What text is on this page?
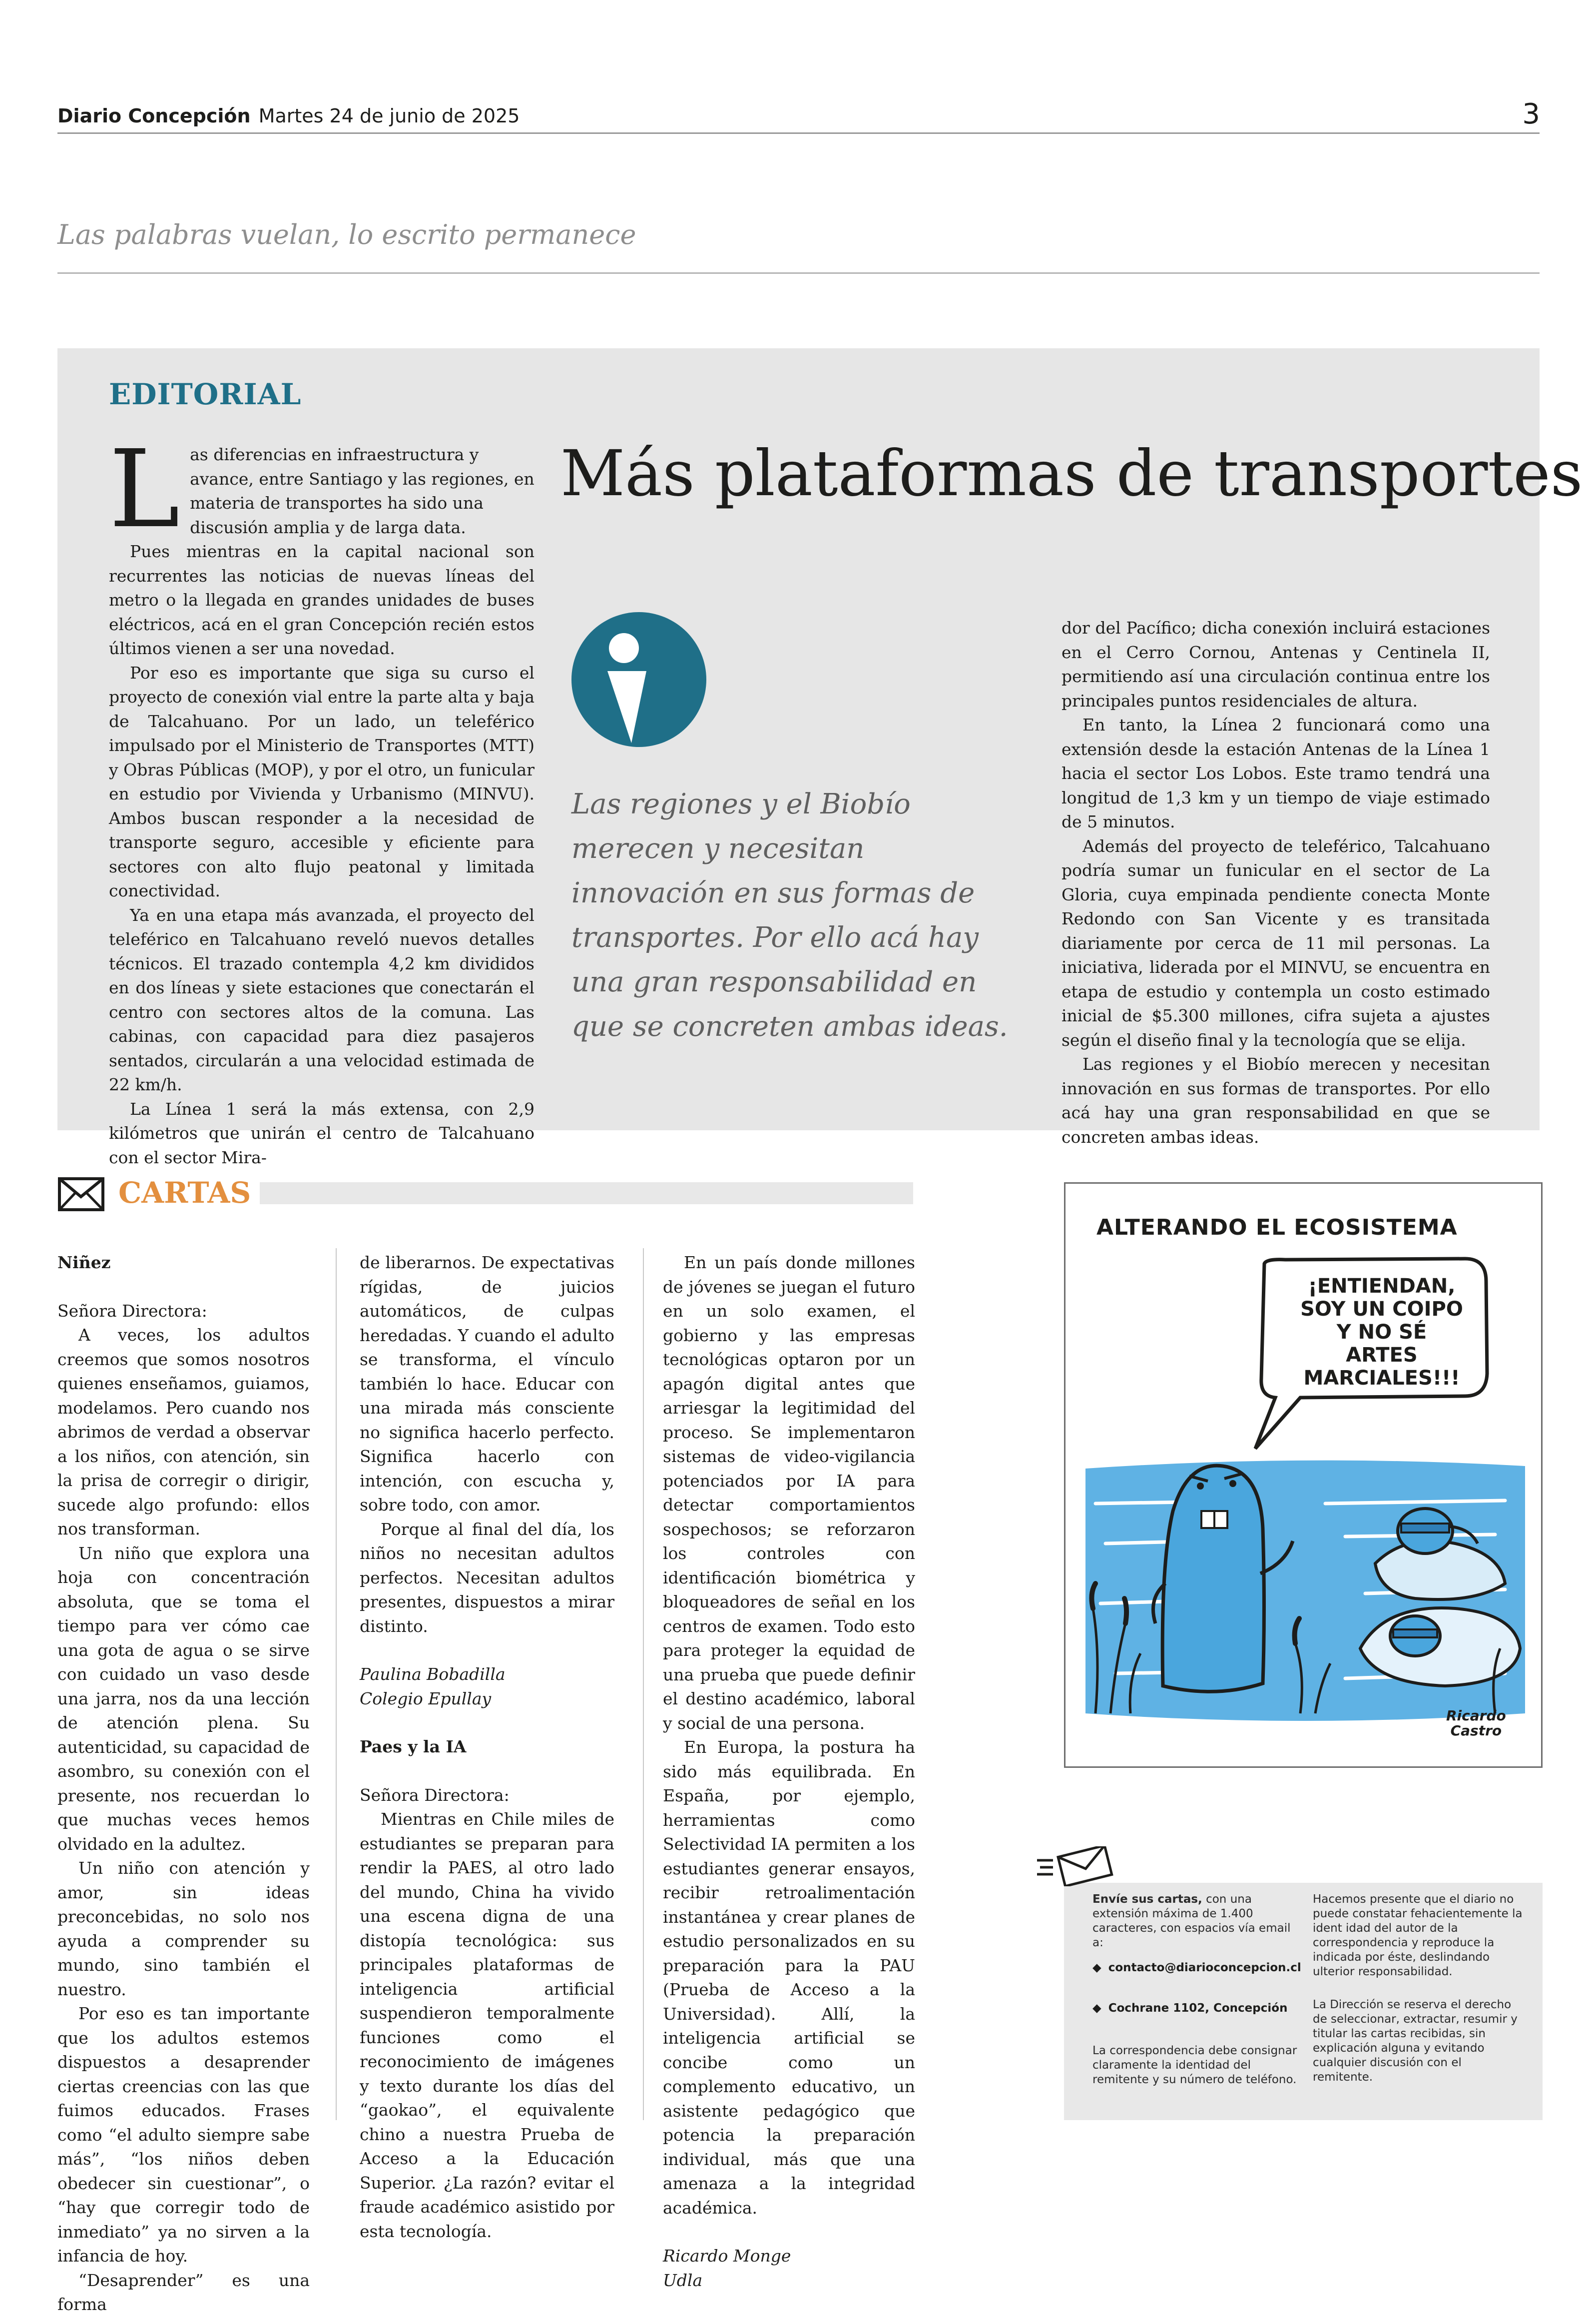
Diario Concepción Martes 24 de junio de 2025	3
Las palabras vuelan, lo escrito permanece
EDITORIAL
Más plataformas de transportes
L as diferencias en infraestructura y avance, entre Santiago y las regiones, en materia de transportes ha sido una discusión amplia y de larga data.

Pues mientras en la capital nacional son recurrentes las noticias de nuevas líneas del metro o la llegada en grandes unidades de buses eléctricos, acá en el gran Concepción recién estos últimos vienen a ser una novedad.

Por eso es importante que siga su curso el proyecto de conexión vial entre la parte alta y baja de Talcahuano. Por un lado, un teleférico impulsado por el Ministerio de Transportes (MTT) y Obras Públicas (MOP), y por el otro, un funicular en estudio por Vivienda y Urbanismo (MINVU). Ambos buscan responder a la necesidad de transporte seguro, accesible y eficiente para sectores con alto flujo peatonal y limitada conectividad.

Ya en una etapa más avanzada, el proyecto del teleférico en Talcahuano reveló nuevos detalles técnicos. El trazado contempla 4,2 km divididos en dos líneas y siete estaciones que conectarán el centro con sectores altos de la comuna. Las cabinas, con capacidad para diez pasajeros sentados, circularán a una velocidad estimada de 22 km/h.

La Línea 1 será la más extensa, con 2,9 kilómetros que unirán el centro de Talcahuano con el sector Mira-

Las regiones y el Biobío merecen y necesitan innovación en sus formas de transportes. Por ello acá hay una gran responsabilidad en que se concreten ambas ideas.

dor del Pacífico; dicha conexión incluirá estaciones en el Cerro Cornou, Antenas y Centinela II, permitiendo así una circulación continua entre los principales puntos residenciales de altura.

En tanto, la Línea 2 funcionará como una extensión desde la estación Antenas de la Línea 1 hacia el sector Los Lobos. Este tramo tendrá una longitud de 1,3 km y un tiempo de viaje estimado de 5 minutos.

Además del proyecto de teleférico, Talcahuano podría sumar un funicular en el sector de La Gloria, cuya empinada pendiente conecta Monte Redondo con San Vicente y es transitada diariamente por cerca de 11 mil personas. La iniciativa, liderada por el MINVU, se encuentra en etapa de estudio y contempla un costo estimado inicial de $5.300 millones, cifra sujeta a ajustes según el diseño final y la tecnología que se elija.

Las regiones y el Biobío merecen y necesitan innovación en sus formas de transportes. Por ello acá hay una gran responsabilidad en que se concreten ambas ideas.

CARTAS

Niñez

Señora Directora:

A veces, los adultos creemos que somos nosotros quienes enseñamos, guiamos, modelamos. Pero cuando nos abrimos de verdad a observar a los niños, con atención, sin la prisa de corregir o dirigir, sucede algo profundo: ellos nos transforman.

Un niño que explora una hoja con concentración absoluta, que se toma el tiempo para ver cómo cae una gota de agua o se sirve con cuidado un vaso desde una jarra, nos da una lección de atención plena. Su autenticidad, su capacidad de asombro, su conexión con el presente, nos recuerdan lo que muchas veces hemos olvidado en la adultez.

Un niño con atención y amor, sin ideas preconcebidas, no solo nos ayuda a comprender su mundo, sino también el nuestro.

Por eso es tan importante que los adultos estemos dispuestos a desaprender ciertas creencias con las que fuimos educados. Frases como “el adulto siempre sabe más”, “los niños deben obedecer sin cuestionar”, o “hay que corregir todo de inmediato” ya no sirven a la infancia de hoy.

“Desaprender” es una forma

de liberarnos. De expectativas rígidas, de juicios automáticos, de culpas heredadas. Y cuando el adulto se transforma, el vínculo también lo hace. Educar con una mirada más consciente no significa hacerlo perfecto. Significa hacerlo con intención, con escucha y, sobre todo, con amor.

Porque al final del día, los niños no necesitan adultos perfectos. Necesitan adultos presentes, dispuestos a mirar distinto.

Paulina Bobadilla

Colegio Epullay

Paes y la IA

Señora Directora:

Mientras en Chile miles de estudiantes se preparan para rendir la PAES, al otro lado del mundo, China ha vivido una escena digna de una distopía tecnológica: sus principales plataformas de inteligencia artificial suspendieron temporalmente funciones como el reconocimiento de imágenes y texto durante los días del “gaokao”, el equivalente chino a nuestra Prueba de Acceso a la Educación Superior. ¿La razón? evitar el fraude académico asistido por esta tecnología.

En un país donde millones de jóvenes se juegan el futuro en un solo examen, el gobierno y las empresas tecnológicas optaron por un apagón digital antes que arriesgar la legitimidad del proceso. Se implementaron sistemas de video-vigilancia potenciados por IA para detectar comportamientos sospechosos; se reforzaron los controles con identificación biométrica y bloqueadores de señal en los centros de examen. Todo esto para proteger la equidad de una prueba que puede definir el destino académico, laboral y social de una persona.

En Europa, la postura ha sido más equilibrada. En España, por ejemplo, herramientas como Selectividad IA permiten a los estudiantes generar ensayos, recibir retroalimentación instantánea y crear planes de estudio personalizados en su preparación para la PAU (Prueba de Acceso a la Universidad). Allí, la inteligencia artificial se concibe como un complemento educativo, un asistente pedagógico que potencia la preparación individual, más que una amenaza a la integridad académica.

Ricardo Monge

Udla

ALTERANDO EL ECOSISTEMA
¡ENTIENDAN,
SOY UN COIPO
Y NO SÉ ARTES
MARCIALES!!!
Ricardo
Castro
Envíe sus cartas, con una extensión máxima de 1.400 caracteres, con espacios vía email a:
◆ contacto@diarioconcepcion.cl
◆ Cochrane 1102, Concepción
La correspondencia debe consignar claramente la identidad del remitente y su número de teléfono.
Hacemos presente que el diario no puede constatar fehacientemente la ident idad del autor de la correspondencia y reproduce la indicada por éste, deslindando ulterior responsabilidad.
La Dirección se reserva el derecho de seleccionar, extractar, resumir y titular las cartas recibidas, sin explicación alguna y evitando cualquier discusión con el remitente.
